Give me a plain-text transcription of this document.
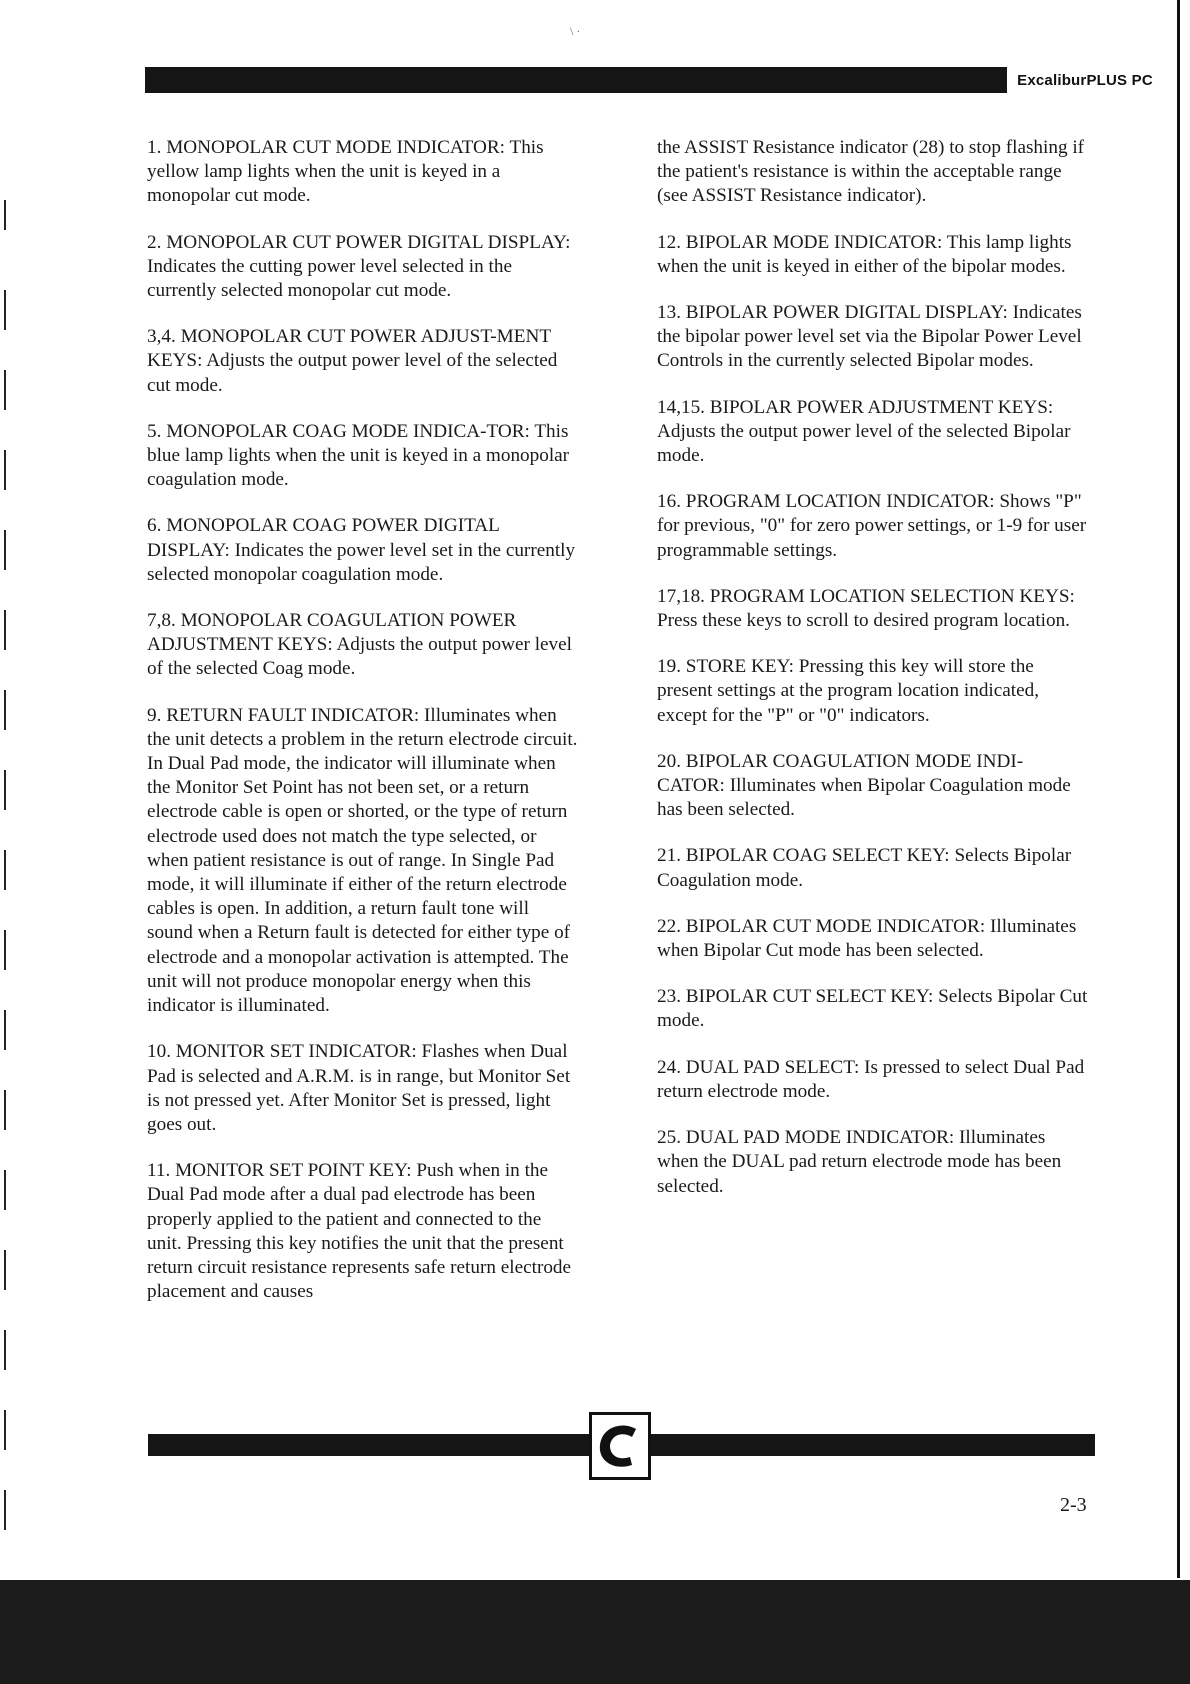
\ ·
ExcaliburPLUS PC

1. MONOPOLAR CUT MODE INDICATOR: This yellow lamp lights when the unit is keyed in a monopolar cut mode.

2. MONOPOLAR CUT POWER DIGITAL DISPLAY: Indicates the cutting power level selected in the currently selected monopolar cut mode.

3,4. MONOPOLAR CUT POWER ADJUST-MENT KEYS: Adjusts the output power level of the selected cut mode.

5. MONOPOLAR COAG MODE INDICA-TOR: This blue lamp lights when the unit is keyed in a monopolar coagulation mode.

6. MONOPOLAR COAG POWER DIGITAL DISPLAY: Indicates the power level set in the currently selected monopolar coagulation mode.

7,8. MONOPOLAR COAGULATION POWER ADJUSTMENT KEYS: Adjusts the output power level of the selected Coag mode.

9. RETURN FAULT INDICATOR: Illuminates when the unit detects a problem in the return electrode circuit. In Dual Pad mode, the indicator will illuminate when the Monitor Set Point has not been set, or a return electrode cable is open or shorted, or the type of return electrode used does not match the type selected, or when patient resistance is out of range. In Single Pad mode, it will illuminate if either of the return electrode cables is open. In addition, a return fault tone will sound when a Return fault is detected for either type of electrode and a monopolar activation is attempted. The unit will not produce monopolar energy when this indicator is illuminated.

10. MONITOR SET INDICATOR: Flashes when Dual Pad is selected and A.R.M. is in range, but Monitor Set is not pressed yet. After Monitor Set is pressed, light goes out.

11. MONITOR SET POINT KEY: Push when in the Dual Pad mode after a dual pad electrode has been properly applied to the patient and connected to the unit. Pressing this key notifies the unit that the present return circuit resistance represents safe return electrode placement and causes

the ASSIST Resistance indicator (28) to stop flashing if the patient's resistance is within the acceptable range (see ASSIST Resistance indicator).

12. BIPOLAR MODE INDICATOR: This lamp lights when the unit is keyed in either of the bipolar modes.

13. BIPOLAR POWER DIGITAL DISPLAY: Indicates the bipolar power level set via the Bipolar Power Level Controls in the currently selected Bipolar modes.

14,15. BIPOLAR POWER ADJUSTMENT KEYS: Adjusts the output power level of the selected Bipolar mode.

16. PROGRAM LOCATION INDICATOR: Shows "P" for previous, "0" for zero power settings, or 1-9 for user programmable settings.

17,18. PROGRAM LOCATION SELECTION KEYS: Press these keys to scroll to desired program location.

19. STORE KEY: Pressing this key will store the present settings at the program location indicated, except for the "P" or "0" indicators.

20. BIPOLAR COAGULATION MODE INDI-CATOR: Illuminates when Bipolar Coagulation mode has been selected.

21. BIPOLAR COAG SELECT KEY: Selects Bipolar Coagulation mode.

22. BIPOLAR CUT MODE INDICATOR: Illuminates when Bipolar Cut mode has been selected.

23. BIPOLAR CUT SELECT KEY: Selects Bipolar Cut mode.

24. DUAL PAD SELECT: Is pressed to select Dual Pad return electrode mode.

25. DUAL PAD MODE INDICATOR: Illuminates when the DUAL pad return electrode mode has been selected.

2-3
